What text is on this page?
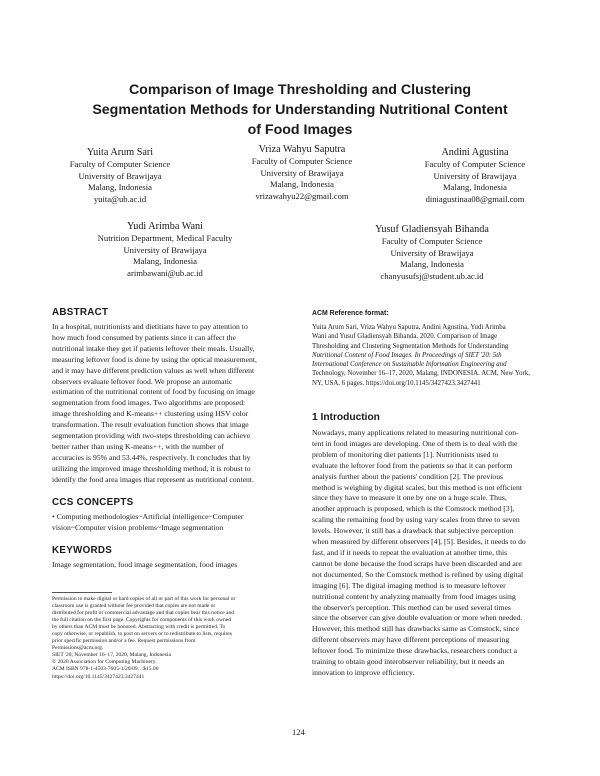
Comparison of Image Thresholding and Clustering
Segmentation Methods for Understanding Nutritional Content
of Food Images
Yuita Arum Sari
Faculty of Computer Science
University of Brawijaya
Malang, Indonesia
yuita@ub.ac.id
Vriza Wahyu Saputra
Faculty of Computer Science
University of Brawijaya
Malang, Indonesia
vrizawahyu22@gmail.com
Andini Agustina
Faculty of Computer Science
University of Brawijaya
Malang, Indonesia
diniagustinaa08@gmail.com
Yudi Arimba Wani
Nutrition Department, Medical Faculty
University of Brawijaya
Malang, Indonesia
arimbawani@ub.ac.id
Yusuf Gladiensyah Bihanda
Faculty of Computer Science
University of Brawijaya
Malang, Indonesia
chanyusufsj@student.ub.ac.id
ABSTRACT
In a hospital, nutritionists and dietitians have to pay attention to
how much food consumed by patients since it can affect the
nutritional intake they get if patients leftover their meals. Usually,
measuring leftover food is done by using the optical measurement,
and it may have different prediction values as well when different
observers evaluate leftover food. We propose an automatic
estimation of the nutritional content of food by focusing on image
segmentation from food images. Two algorithms are proposed:
image thresholding and K-means++ clustering using HSV color
transformation. The result evaluation function shows that image
segmentation providing with two-steps thresholding can achieve
better rather than using K-means++, with the number of
accuracies is 95% and 53.44%, respectively. It concludes that by
utilizing the improved image thresholding method, it is robust to
identify the food area images that represent as nutritional content.
CCS CONCEPTS
• Computing methodologies~Artificial intelligence~Computer
vision~Computer vision problems~Image segmentation
KEYWORDS
Image segmentation, food image segmentation, food images
Permission to make digital or hard copies of all or part of this work for personal or
classroom use is granted without fee provided that copies are not made or
distributed for profit or commercial advantage and that copies bear this notice and
the full citation on the first page. Copyrights for components of this work owned
by others than ACM must be honored. Abstracting with credit is permitted. To
copy otherwise, or republish, to post on servers or to redistribute to lists, requires
prior specific permission and/or a fee. Request permissions from
Permissions@acm.org.
SIET '20, November 16–17, 2020, Malang, Indonesia
© 2020 Association for Computing Machinery.
ACM ISBN 978-1-4503-7605-1/20/09…$15.00
https://doi.org/10.1145/3427423.3427441
ACM Reference format:
Yuita Arum Sari, Vriza Wahyu Saputra, Andini Agustina, Yudi Arimba
Wani and Yusuf Gladiensyah Bihanda. 2020. Comparison of Image
Thresholding and Clustering Segmentation Methods for Understanding
Nutritional Content of Food Images. In Proceedings of SIET '20: 5th
International Conference on Sustainable Information Engineering and
Technology, November 16–17, 2020, Malang, INDONESIA. ACM, New York,
NY, USA, 6 pages. https://doi.org/10.1145/3427423.3427441
1 Introduction
Nowadays, many applications related to measuring nutritional con-
tent in food images are developing. One of them is to deal with the
problem of monitoring diet patients [1]. Nutritionists used to
evaluate the leftover food from the patients so that it can perform
analysis further about the patients' condition [2]. The previous
method is weighing by digital scales, but this method is not efficient
since they have to measure it one by one on a huge scale. Thus,
another approach is proposed, which is the Comstock method [3],
scaling the remaining food by using vary scales from three to seven
levels. However, it still has a drawback that subjective perception
when measured by different observers [4], [5]. Besides, it needs to do
fast, and if it needs to repeat the evaluation at another time, this
cannot be done because the food scraps have been discarded and are
not documented. So the Comstock method is refined by using digital
imaging [6]. The digital imaging method is to measure leftover
nutritional content by analyzing manually from food images using
the observer's perception. This method can be used several times
since the observer can give double evaluation or more when needed.
However, this method still has drawbacks same as Comstock, since
different observers may have different perceptions of measuring
leftover food. To minimize these drawbacks, researchers conduct a
training to obtain good interobserver reliability, but it needs an
innovation to improve efficiency.
124
